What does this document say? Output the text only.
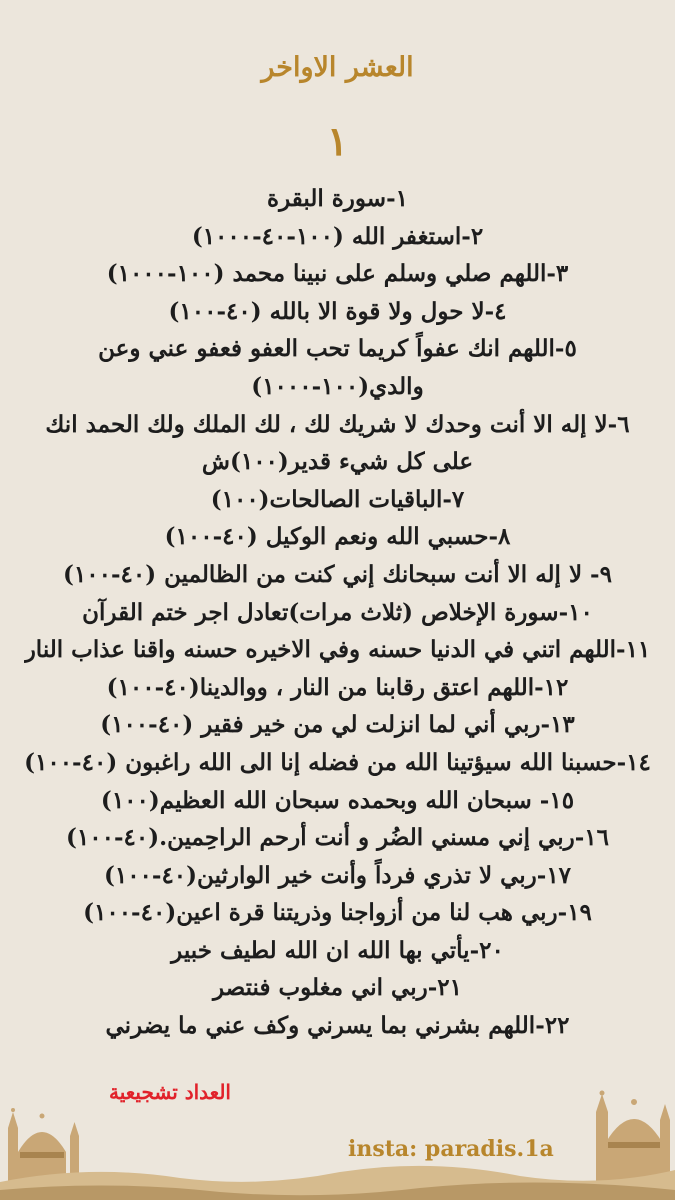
العشر الاواخر
١
١-سورة البقرة
٢-استغفر الله (١٠٠-٤٠-١٠٠٠)
٣-اللهم صلي وسلم على نبينا محمد (١٠٠-١٠٠٠)
٤-لا حول ولا قوة الا بالله (٤٠-١٠٠)
٥-اللهم انك عفواً كريما تحب العفو فعفو عني وعن والدي(١٠٠-١٠٠٠)
٦-لا إله الا أنت وحدك لا شريك لك ، لك الملك ولك الحمد انك على كل شيء قدير(١٠٠)ش
٧-الباقيات الصالحات(١٠٠)
٨-حسبي الله ونعم الوكيل (٤٠-١٠٠)
٩- لا إله الا أنت سبحانك إني كنت من الظالمين (٤٠-١٠٠)
١٠-سورة الإخلاص (ثلاث مرات)تعادل اجر ختم القرآن
١١-اللهم اتني في الدنيا حسنه وفي الاخيره حسنه واقنا عذاب النار
١٢-اللهم اعتق رقابنا من النار ، ووالدينا(٤٠-١٠٠)
١٣-ربي أني لما انزلت لي من خير فقير (٤٠-١٠٠)
١٤-حسبنا الله سيؤتينا الله من فضله إنا الى الله راغبون (٤٠-١٠٠)
١٥- سبحان الله وبحمده سبحان الله العظيم(١٠٠)
١٦-ربي إني مسني الضُر و أنت أرحم الراحِمين.(٤٠-١٠٠)
١٧-ربي لا تذري فرداً وأنت خير الوارثين(٤٠-١٠٠)
١٩-ربي هب لنا من أزواجنا وذريتنا قرة اعين(٤٠-١٠٠)
٢٠-يأتي بها الله ان الله لطيف خبير
٢١-ربي اني مغلوب فنتصر
٢٢-اللهم بشرني بما يسرني وكف عني ما يضرني
العداد تشجيعية
insta: paradis.1a
